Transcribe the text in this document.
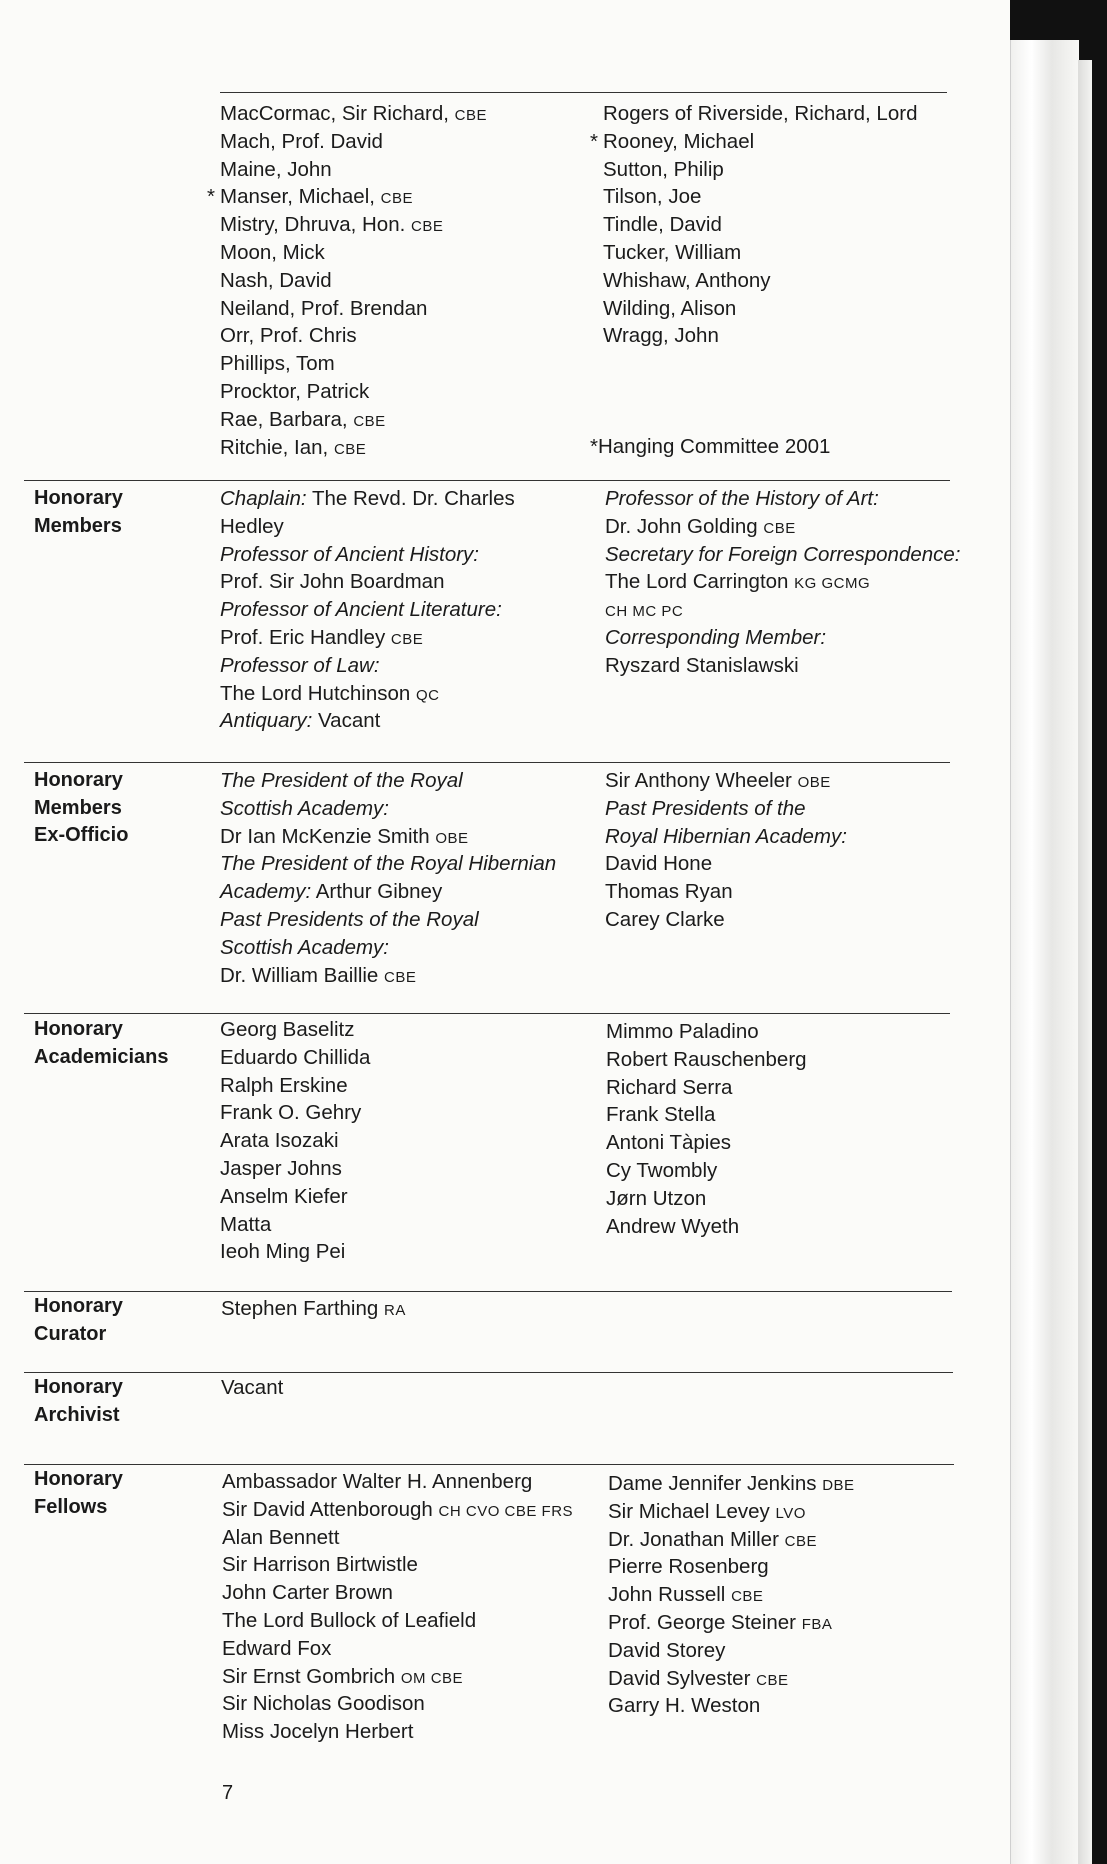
MacCormac, Sir Richard, CBE
Mach, Prof. David
Maine, John
* Manser, Michael, CBE
Mistry, Dhruva, Hon. CBE
Moon, Mick
Nash, David
Neiland, Prof. Brendan
Orr, Prof. Chris
Phillips, Tom
Procktor, Patrick
Rae, Barbara, CBE
Ritchie, Ian, CBE
Rogers of Riverside, Richard, Lord
* Rooney, Michael
Sutton, Philip
Tilson, Joe
Tindle, David
Tucker, William
Whishaw, Anthony
Wilding, Alison
Wragg, John
*Hanging Committee 2001
Honorary
Members
Chaplain: The Revd. Dr. Charles
Hedley
Professor of Ancient History:
Prof. Sir John Boardman
Professor of Ancient Literature:
Prof. Eric Handley CBE
Professor of Law:
The Lord Hutchinson QC
Antiquary: Vacant
Professor of the History of Art:
Dr. John Golding CBE
Secretary for Foreign Correspondence:
The Lord Carrington KG GCMG
CH MC PC
Corresponding Member:
Ryszard Stanislawski
Honorary
Members
Ex-Officio
The President of the Royal
Scottish Academy:
Dr Ian McKenzie Smith OBE
The President of the Royal Hibernian
Academy: Arthur Gibney
Past Presidents of the Royal
Scottish Academy:
Dr. William Baillie CBE
Sir Anthony Wheeler OBE
Past Presidents of the
Royal Hibernian Academy:
David Hone
Thomas Ryan
Carey Clarke
Honorary
Academicians
Georg Baselitz
Eduardo Chillida
Ralph Erskine
Frank O. Gehry
Arata Isozaki
Jasper Johns
Anselm Kiefer
Matta
Ieoh Ming Pei
Mimmo Paladino
Robert Rauschenberg
Richard Serra
Frank Stella
Antoni Tàpies
Cy Twombly
Jørn Utzon
Andrew Wyeth
Honorary
Curator
Stephen Farthing RA
Honorary
Archivist
Vacant
Honorary
Fellows
Ambassador Walter H. Annenberg
Sir David Attenborough CH CVO CBE FRS
Alan Bennett
Sir Harrison Birtwistle
John Carter Brown
The Lord Bullock of Leafield
Edward Fox
Sir Ernst Gombrich OM CBE
Sir Nicholas Goodison
Miss Jocelyn Herbert
Dame Jennifer Jenkins DBE
Sir Michael Levey LVO
Dr. Jonathan Miller CBE
Pierre Rosenberg
John Russell CBE
Prof. George Steiner FBA
David Storey
David Sylvester CBE
Garry H. Weston
7
